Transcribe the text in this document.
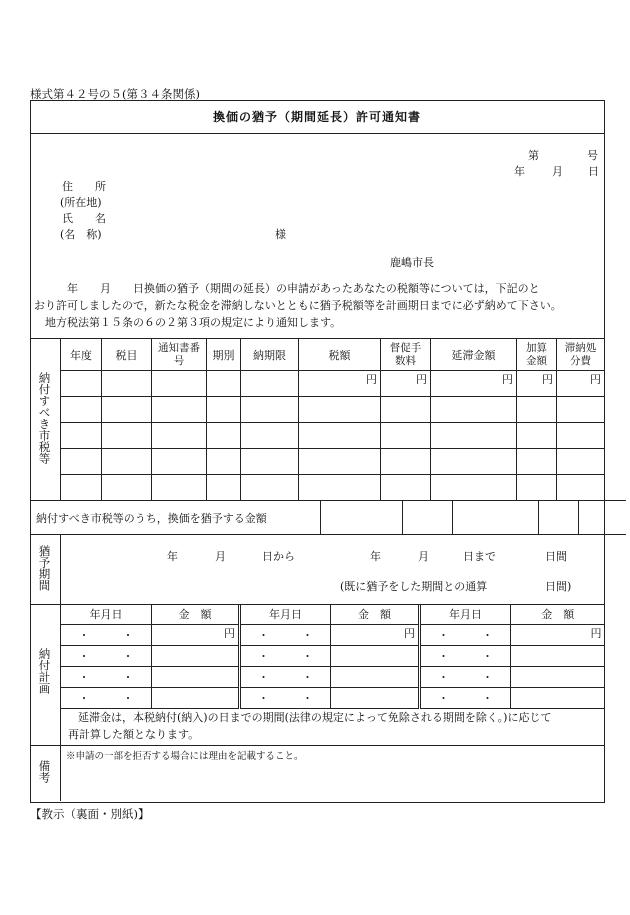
様式第４２号の５(第３４条関係)
換価の猶予（期間延長）許可通知書
第	号
年 月 日
住　　所
(所在地)
氏　　名
(名　称)	様
鹿嶋市長
　　　年　　月　　日換価の猶予（期間の延長）の申請があったあなたの税額等については，下記のと
おり許可しましたので，新たな税金を滞納しないとともに猶予税額等を計画期日までに必ず納めて下さい。
　地方税法第１５条の６の２第３項の規定により通知します。
納付すべき市税等
年度	税目	通知書番号	期別	納期限	税額	督促手数料	延滞金額	加算金額	滞納処分費
					円	円	円	円	円

納付すべき市税等のうち，換価を猶予する金額					
猶予期間	年	月	日から	年	月	日まで	日間
(既に猶予をした期間との通算	日間)
納付計画
年月日	金　額	年月日	金　額	年月日	金　額
・　　　 ・	円	・　　　 ・	円	・　　　 ・	円
・　　　 ・		・　　　 ・		・　　　 ・	
・　　　 ・		・　　　 ・		・　　　 ・	
・　　　 ・		・　　　 ・		・　　　 ・	
延滞金は，本税納付(納入)の日までの期間(法律の規定によって免除される期間を除く。)に応じて
再計算した額となります。
備考
※申請の一部を拒否する場合には理由を記載すること。
【教示（裏面・別紙)】
